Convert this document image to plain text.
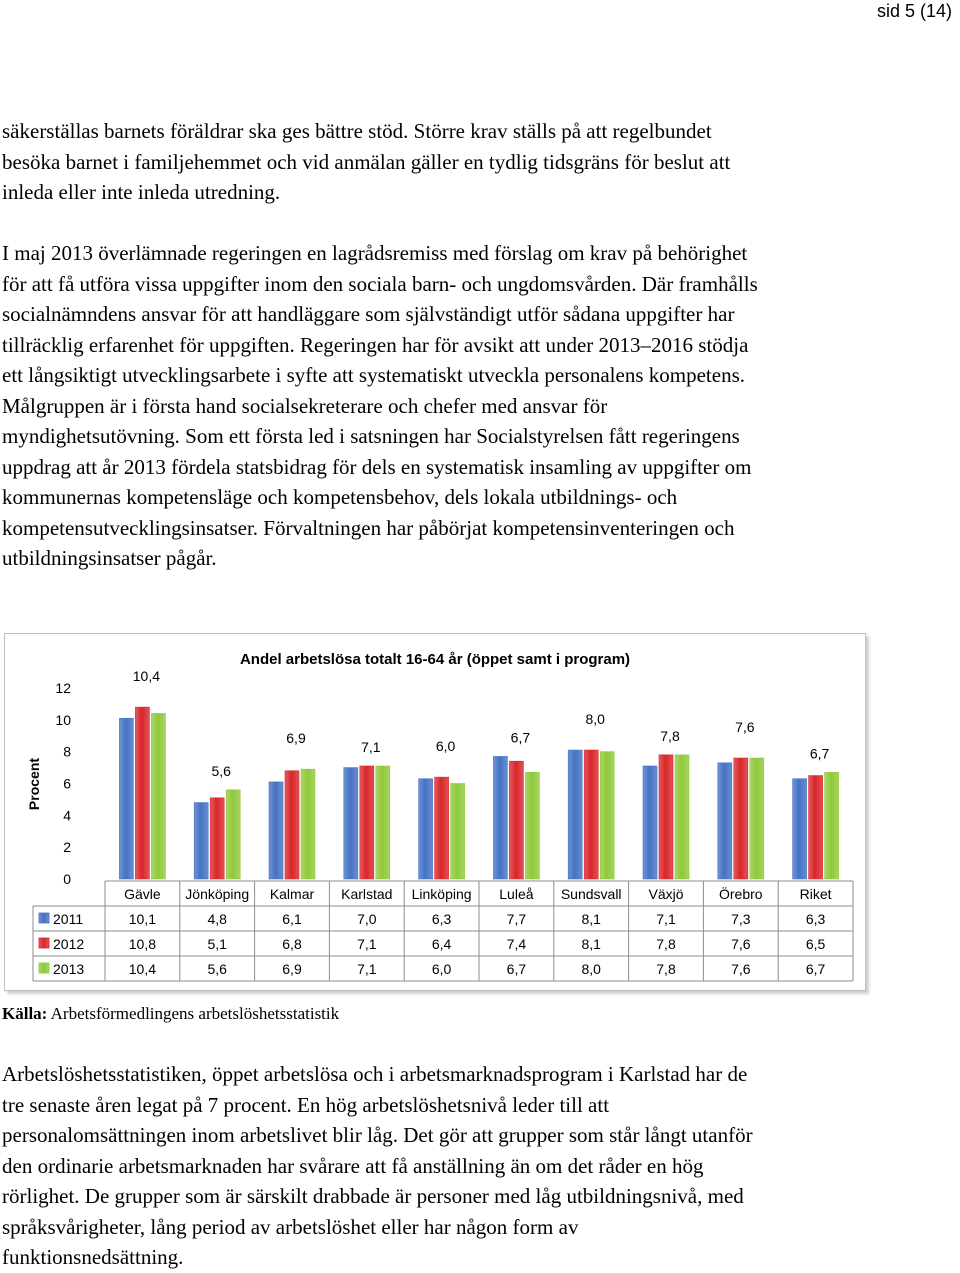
sid 5 (14)
säkerställas barnets föräldrar ska ges bättre stöd. Större krav ställs på att regelbundet
besöka barnet i familjehemmet och vid anmälan gäller en tydlig tidsgräns för beslut att
inleda eller inte inleda utredning.
I maj 2013 överlämnade regeringen en lagrådsremiss med förslag om krav på behörighet
för att få utföra vissa uppgifter inom den sociala barn- och ungdomsvården. Där framhålls
socialnämndens ansvar för att handläggare som självständigt utför sådana uppgifter har
tillräcklig erfarenhet för uppgiften. Regeringen har för avsikt att under 2013–2016 stödja
ett långsiktigt utvecklingsarbete i syfte att systematiskt utveckla personalens kompetens.
Målgruppen är i första hand socialsekreterare och chefer med ansvar för
myndighetsutövning. Som ett första led i satsningen har Socialstyrelsen fått regeringens
uppdrag att år 2013 fördela statsbidrag för dels en systematisk insamling av uppgifter om
kommunernas kompetensläge och kompetensbehov, dels lokala utbildnings- och
kompetensutvecklingsinsatser. Förvaltningen har påbörjat kompetensinventeringen och
utbildningsinsatser pågår.
Andel arbetslösa totalt 16-64 år (öppet samt i program)
Procent
0
2
4
6
8
10
12
10,4
5,6
6,9
7,1	6,0
6,7
8,0
7,8
7,6
6,7
Gävle Jönköping Kalmar Karlstad Linköping Luleå Sundsvall Växjö	Örebro	Riket
2011	10,1	4,8	6,1	7,0	6,3	7,7	8,1	7,1	7,3	6,3
2012	10,8	5,1	6,8	7,1	6,4	7,4	8,1	7,8	7,6	6,5
2013	10,4	5,6	6,9	7,1	6,0	6,7	8,0	7,8	7,6	6,7
Källa: Arbetsförmedlingens arbetslöshetsstatistik
Arbetslöshetsstatistiken, öppet arbetslösa och i arbetsmarknadsprogram i Karlstad har de
tre senaste åren legat på 7 procent. En hög arbetslöshetsnivå leder till att
personalomsättningen inom arbetslivet blir låg. Det gör att grupper som står långt utanför
den ordinarie arbetsmarknaden har svårare att få anställning än om det råder en hög
rörlighet. De grupper som är särskilt drabbade är personer med låg utbildningsnivå, med
språksvårigheter, lång period av arbetslöshet eller har någon form av
funktionsnedsättning.
